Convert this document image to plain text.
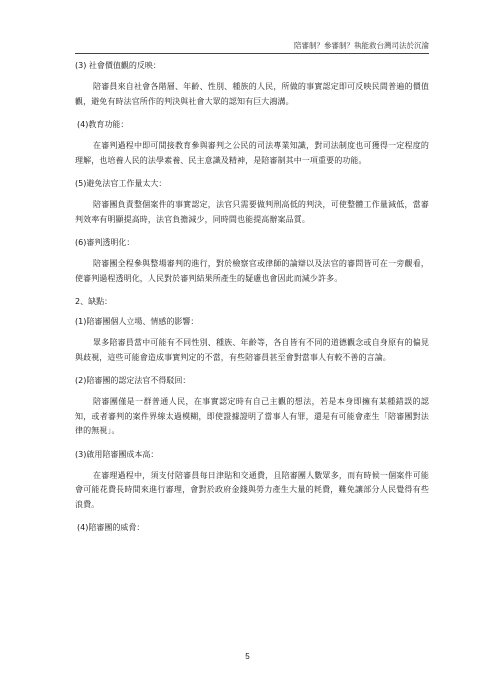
陪審制？參審制？執能救台灣司法於沉淪

(3) 社會價值觀的反映：

陪審員來自社會各階層、年齡、性別、種族的人民，所做的事實認定即可反映民間普遍的價值觀，避免有時法官所作的判決與社會大眾的認知有巨大鴻溝。

(4)教育功能：

在審判過程中即可間接教育參與審判之公民的司法專業知識，對司法制度也可獲得一定程度的理解，也培養人民的法學素養、民主意識及精神，是陪審制其中一項重要的功能。

(5)避免法官工作量太大：

陪審團負責整個案件的事實認定，法官只需要做判刑高低的判決，可使整體工作量減低，當審判效率有明顯提高時，法官負擔減少，同時間也能提高辦案品質。

(6)審判透明化：

陪審團全程參與整場審判的進行，對於檢察官或律師的論辯以及法官的審問皆可在一旁觀看，使審判過程透明化，人民對於審判結果所產生的疑慮也會因此而減少許多。

2、缺點：

(1)陪審團個人立場、情感的影響：

眾多陪審員當中可能有不同性別、種族、年齡等，各自皆有不同的道德觀念或自身原有的偏見與歧視，這些可能會造成事實判定的不當，有些陪審員甚至會對當事人有較不善的言論。

(2)陪審團的認定法官不得駁回：

陪審團僅是一群普通人民，在事實認定時有自己主觀的想法，若是本身即擁有某種錯誤的認知，或者審判的案件界線太過模糊，即使證據證明了當事人有罪，還是有可能會產生「陪審團對法律的無視」。

(3)啟用陪審團成本高：

在審理過程中，須支付陪審員每日津貼和交通費，且陪審團人數眾多，而有時候一個案件可能會可能花費長時間來進行審理，會對於政府金錢與勞力產生大量的耗費，難免讓部分人民覺得有些浪費。

(4)陪審團的威脅：

5
